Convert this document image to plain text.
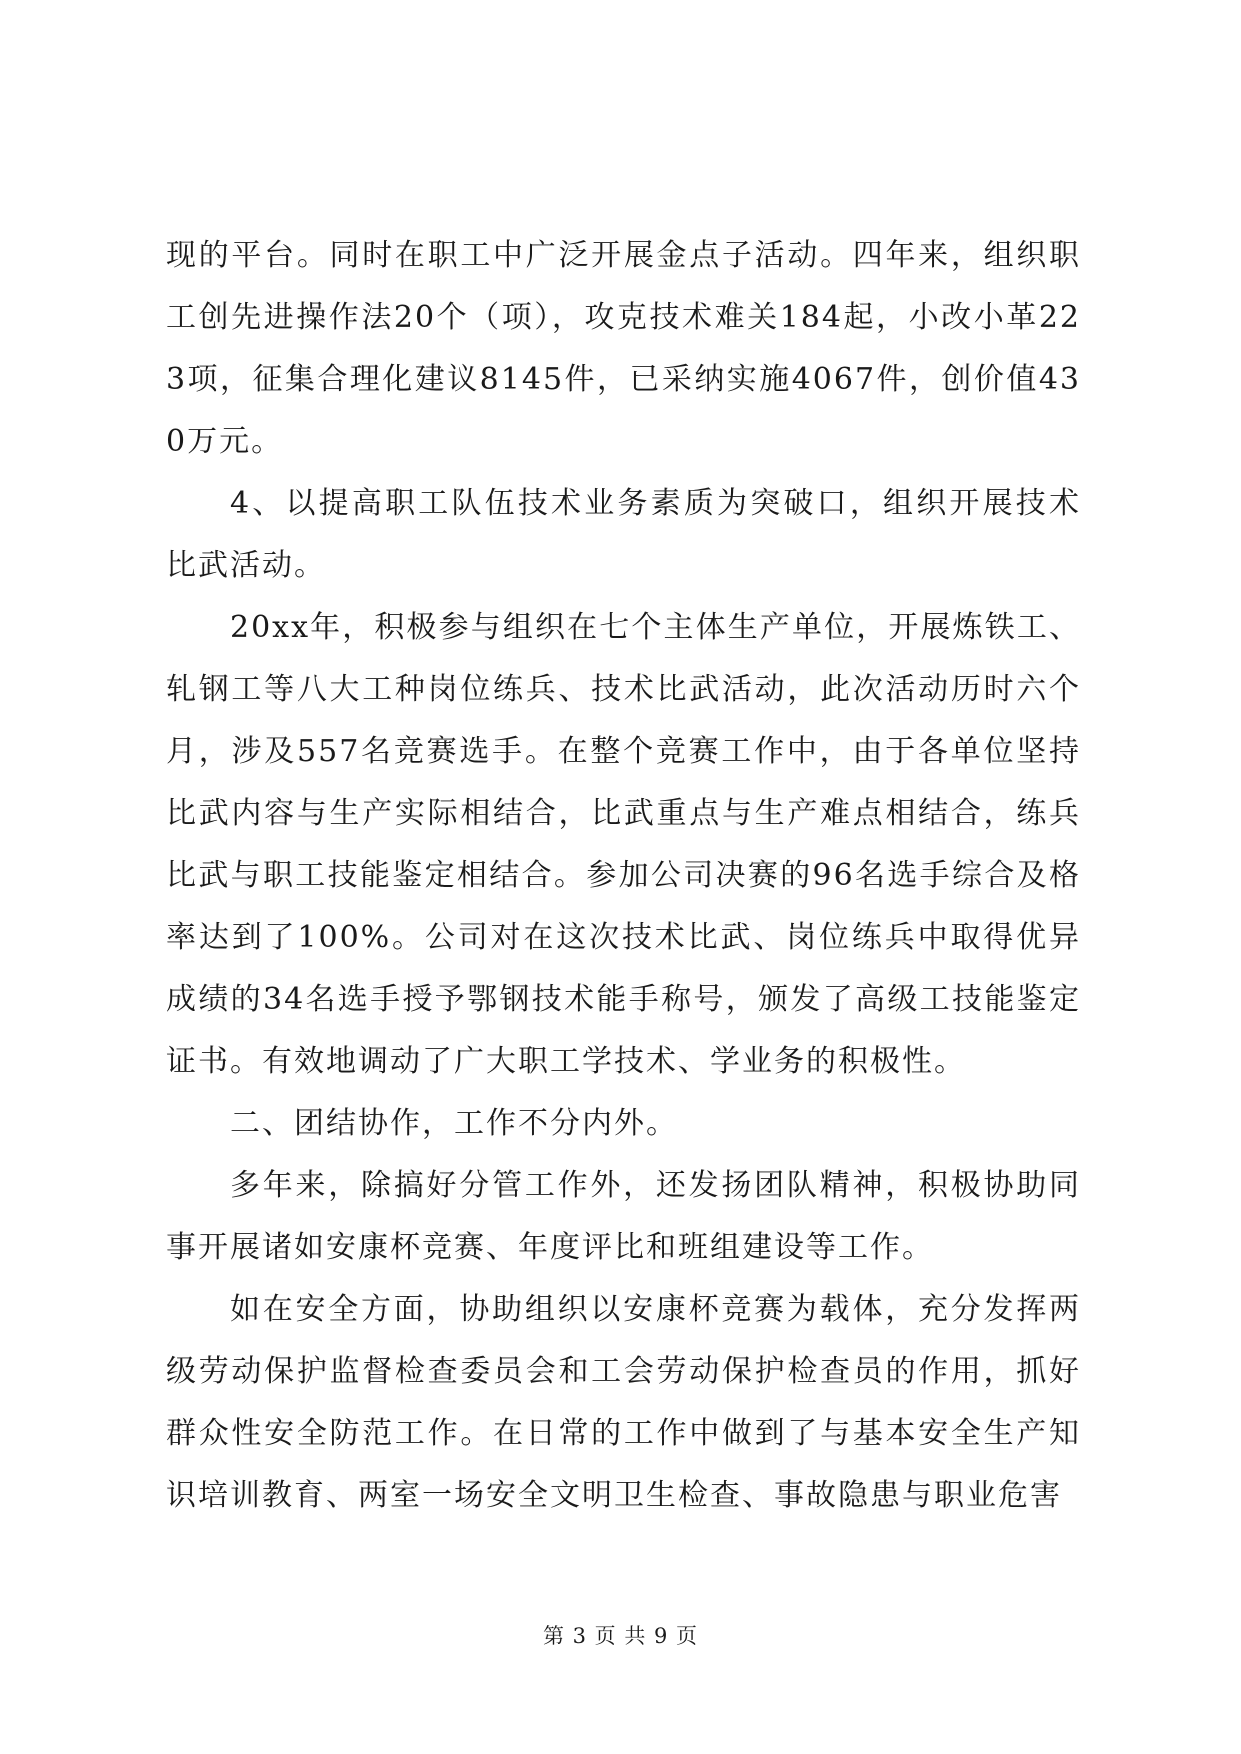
现的平台。同时在职工中广泛开展金点子活动。四年来，组织职工创先进操作法20个（项），攻克技术难关184起，小改小革223项，征集合理化建议8145件，已采纳实施4067件，创价值430万元。

4、以提高职工队伍技术业务素质为突破口，组织开展技术比武活动。

20xx年，积极参与组织在七个主体生产单位，开展炼铁工、轧钢工等八大工种岗位练兵、技术比武活动，此次活动历时六个月，涉及557名竞赛选手。在整个竞赛工作中，由于各单位坚持比武内容与生产实际相结合，比武重点与生产难点相结合，练兵比武与职工技能鉴定相结合。参加公司决赛的96名选手综合及格率达到了100%。公司对在这次技术比武、岗位练兵中取得优异成绩的34名选手授予鄂钢技术能手称号，颁发了高级工技能鉴定证书。有效地调动了广大职工学技术、学业务的积极性。

二、团结协作，工作不分内外。

多年来，除搞好分管工作外，还发扬团队精神，积极协助同事开展诸如安康杯竞赛、年度评比和班组建设等工作。

如在安全方面，协助组织以安康杯竞赛为载体，充分发挥两级劳动保护监督检查委员会和工会劳动保护检查员的作用，抓好群众性安全防范工作。在日常的工作中做到了与基本安全生产知识培训教育、两室一场安全文明卫生检查、事故隐患与职业危害

第 3 页 共 9 页
